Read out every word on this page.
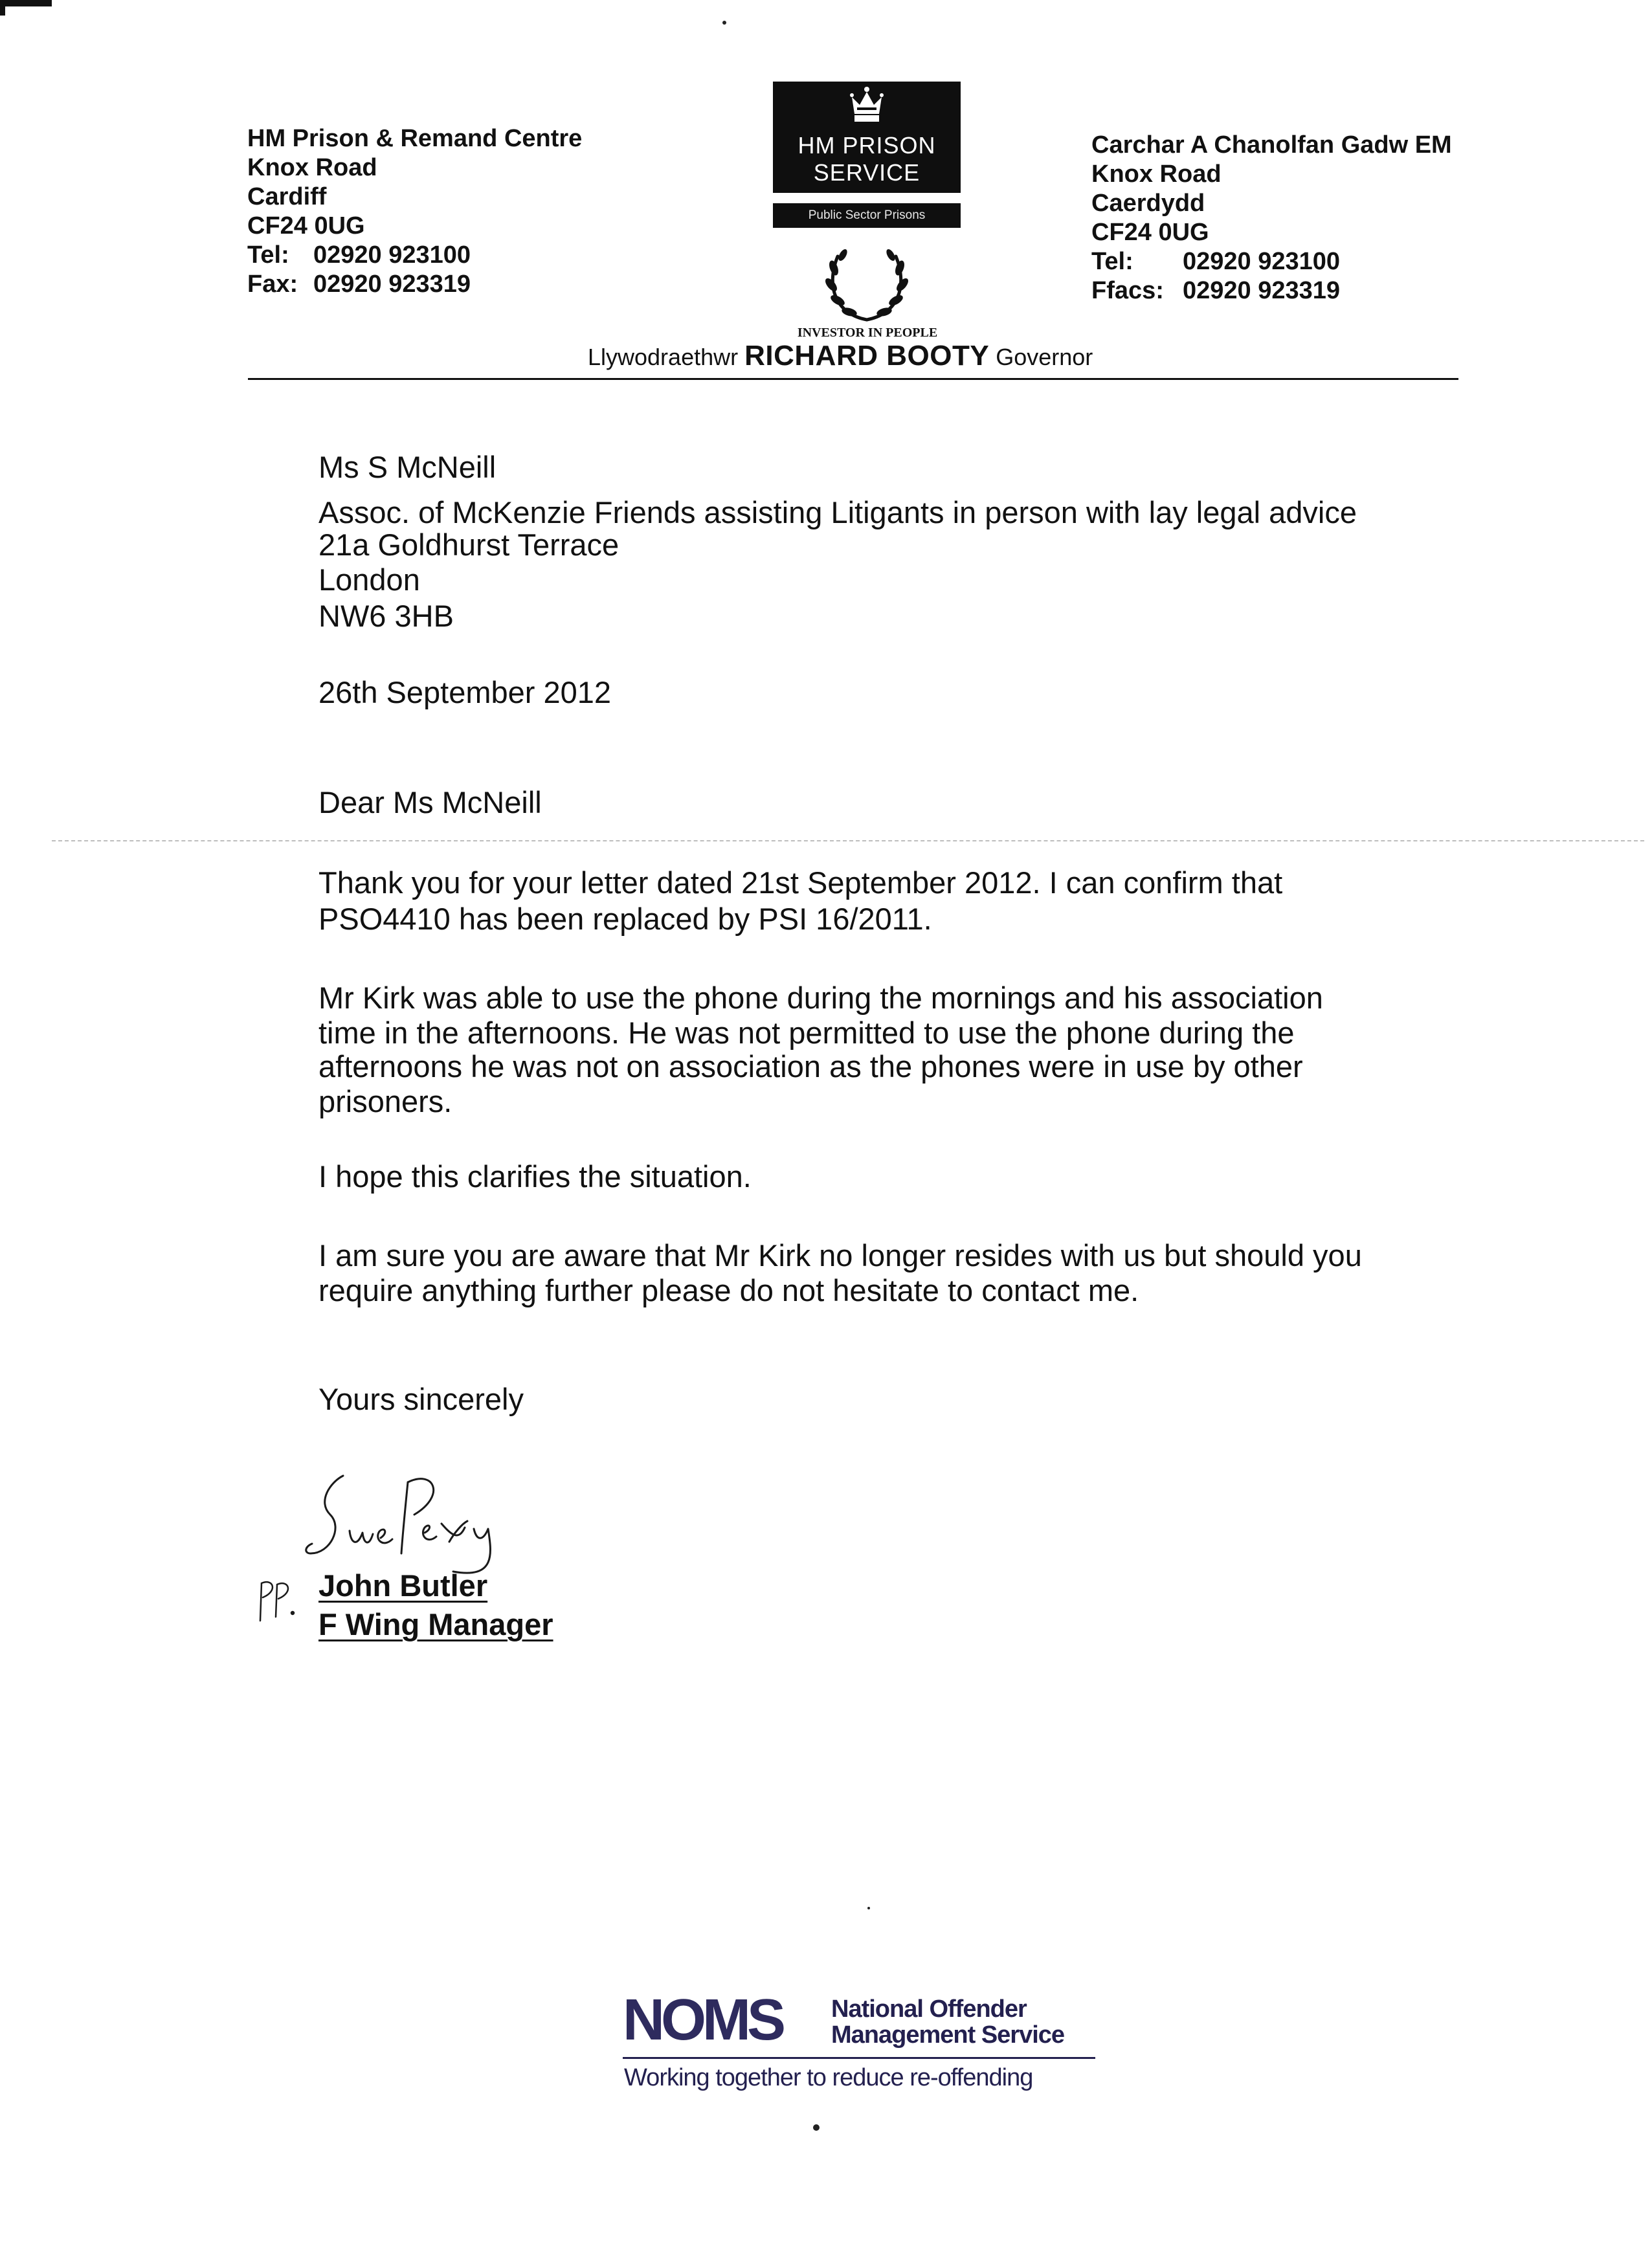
HM Prison & Remand Centre
Knox Road
Cardiff
CF24 0UG
Tel: 02920 923100
Fax: 02920 923319
HM PRISON
SERVICE
Public Sector Prisons
INVESTOR IN PEOPLE
Llywodraethwr RICHARD BOOTY Governor
Carchar A Chanolfan Gadw EM
Knox Road
Caerdydd
CF24 0UG
Tel: 02920 923100
Ffacs: 02920 923319
Ms S McNeill
Assoc. of McKenzie Friends assisting Litigants in person with lay legal advice
21a Goldhurst Terrace
London
NW6 3HB
26th September 2012
Dear Ms McNeill
Thank you for your letter dated 21st September 2012. I can confirm that
PSO4410 has been replaced by PSI 16/2011.
Mr Kirk was able to use the phone during the mornings and his association
time in the afternoons. He was not permitted to use the phone during the
afternoons he was not on association as the phones were in use by other
prisoners.
I hope this clarifies the situation.
I am sure you are aware that Mr Kirk no longer resides with us but should you
require anything further please do not hesitate to contact me.
Yours sincerely
John Butler
F Wing Manager
NOMS National Offender
Management Service
Working together to reduce re-offending
